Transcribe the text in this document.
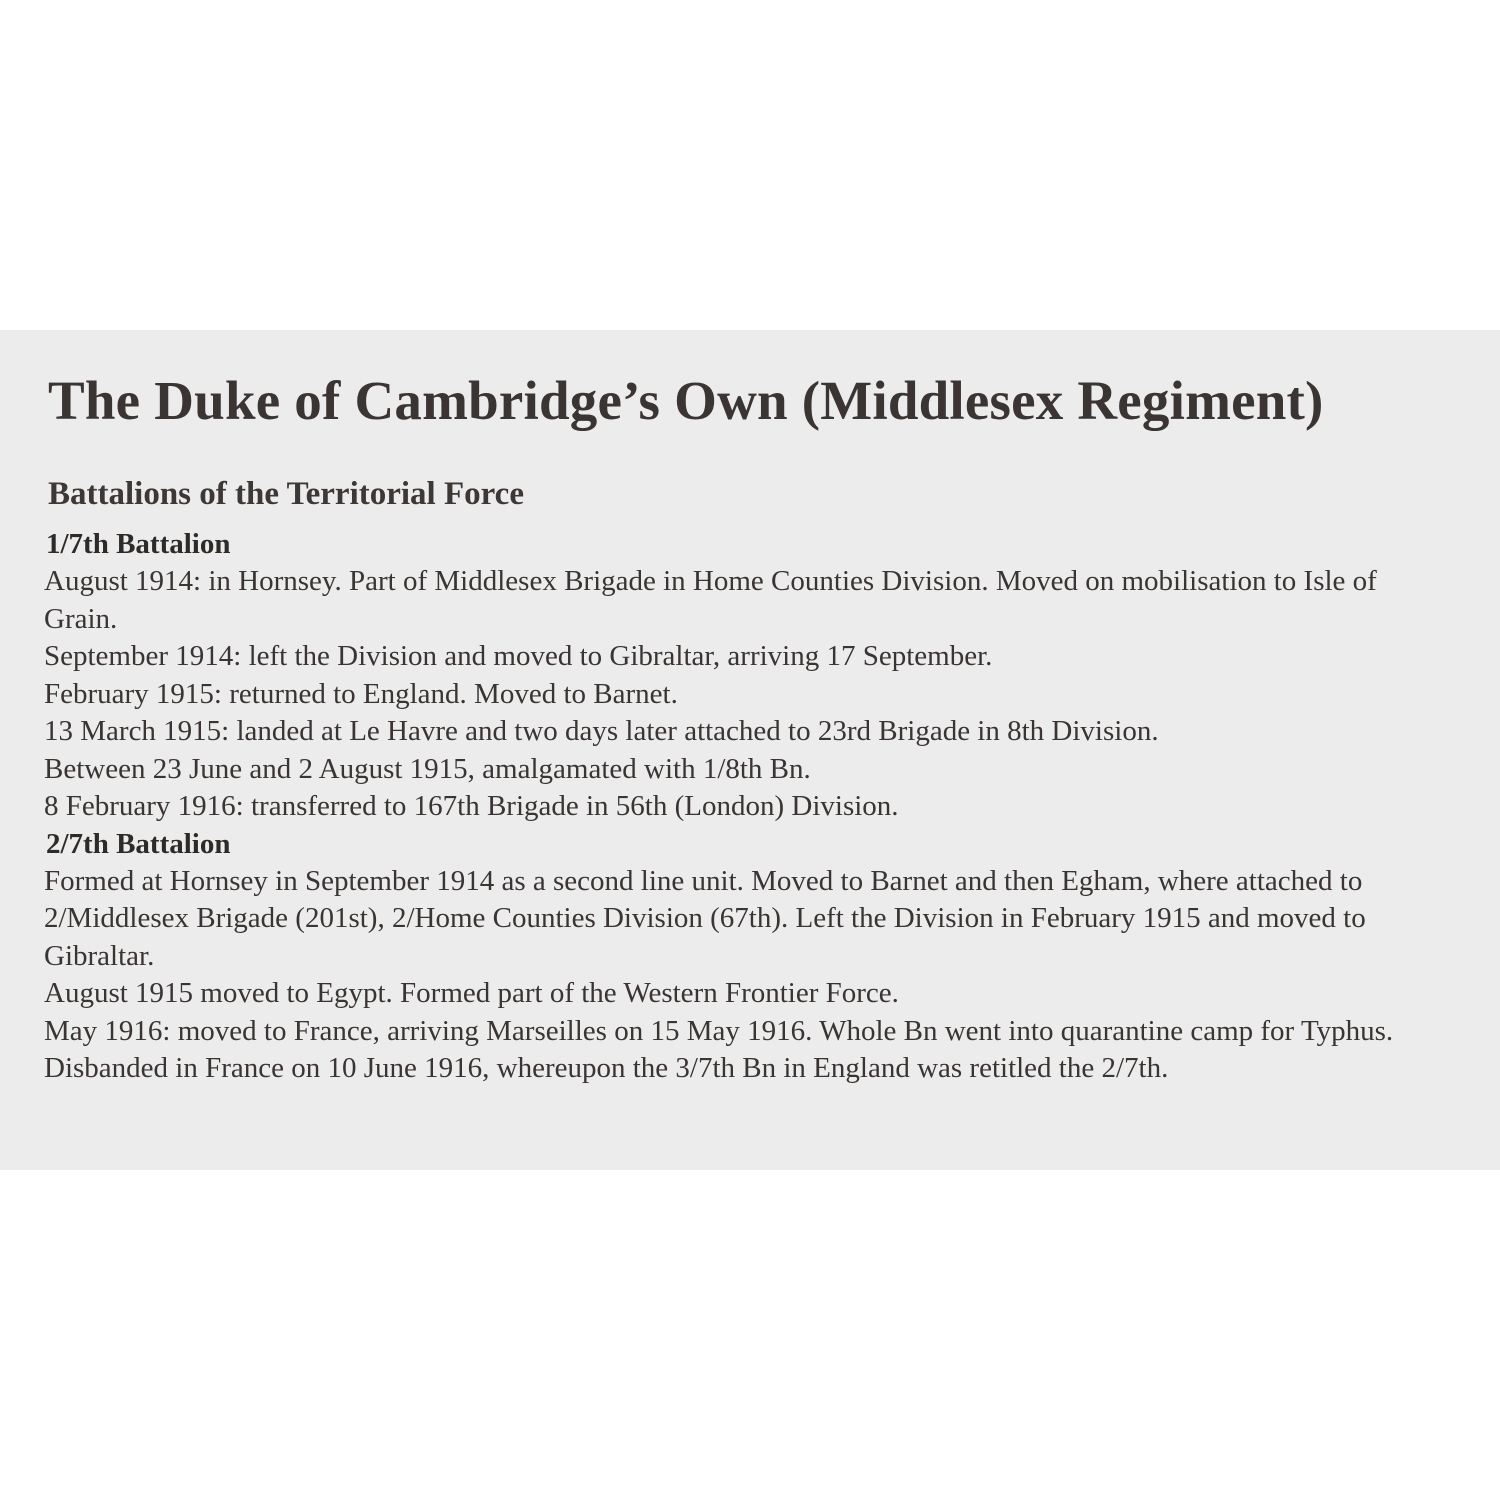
The Duke of Cambridge’s Own (Middlesex Regiment)
Battalions of the Territorial Force
1/7th Battalion

August 1914: in Hornsey. Part of Middlesex Brigade in Home Counties Division. Moved on mobilisation to Isle of Grain.

September 1914: left the Division and moved to Gibraltar, arriving 17 September.

February 1915: returned to England. Moved to Barnet.

13 March 1915: landed at Le Havre and two days later attached to 23rd Brigade in 8th Division.

Between 23 June and 2 August 1915, amalgamated with 1/8th Bn.

8 February 1916: transferred to 167th Brigade in 56th (London) Division.

2/7th Battalion

Formed at Hornsey in September 1914 as a second line unit. Moved to Barnet and then Egham, where attached to 2/Middlesex Brigade (201st), 2/Home Counties Division (67th). Left the Division in February 1915 and moved to Gibraltar.

August 1915 moved to Egypt. Formed part of the Western Frontier Force.

May 1916: moved to France, arriving Marseilles on 15 May 1916. Whole Bn went into quarantine camp for Typhus.

Disbanded in France on 10 June 1916, whereupon the 3/7th Bn in England was retitled the 2/7th.
